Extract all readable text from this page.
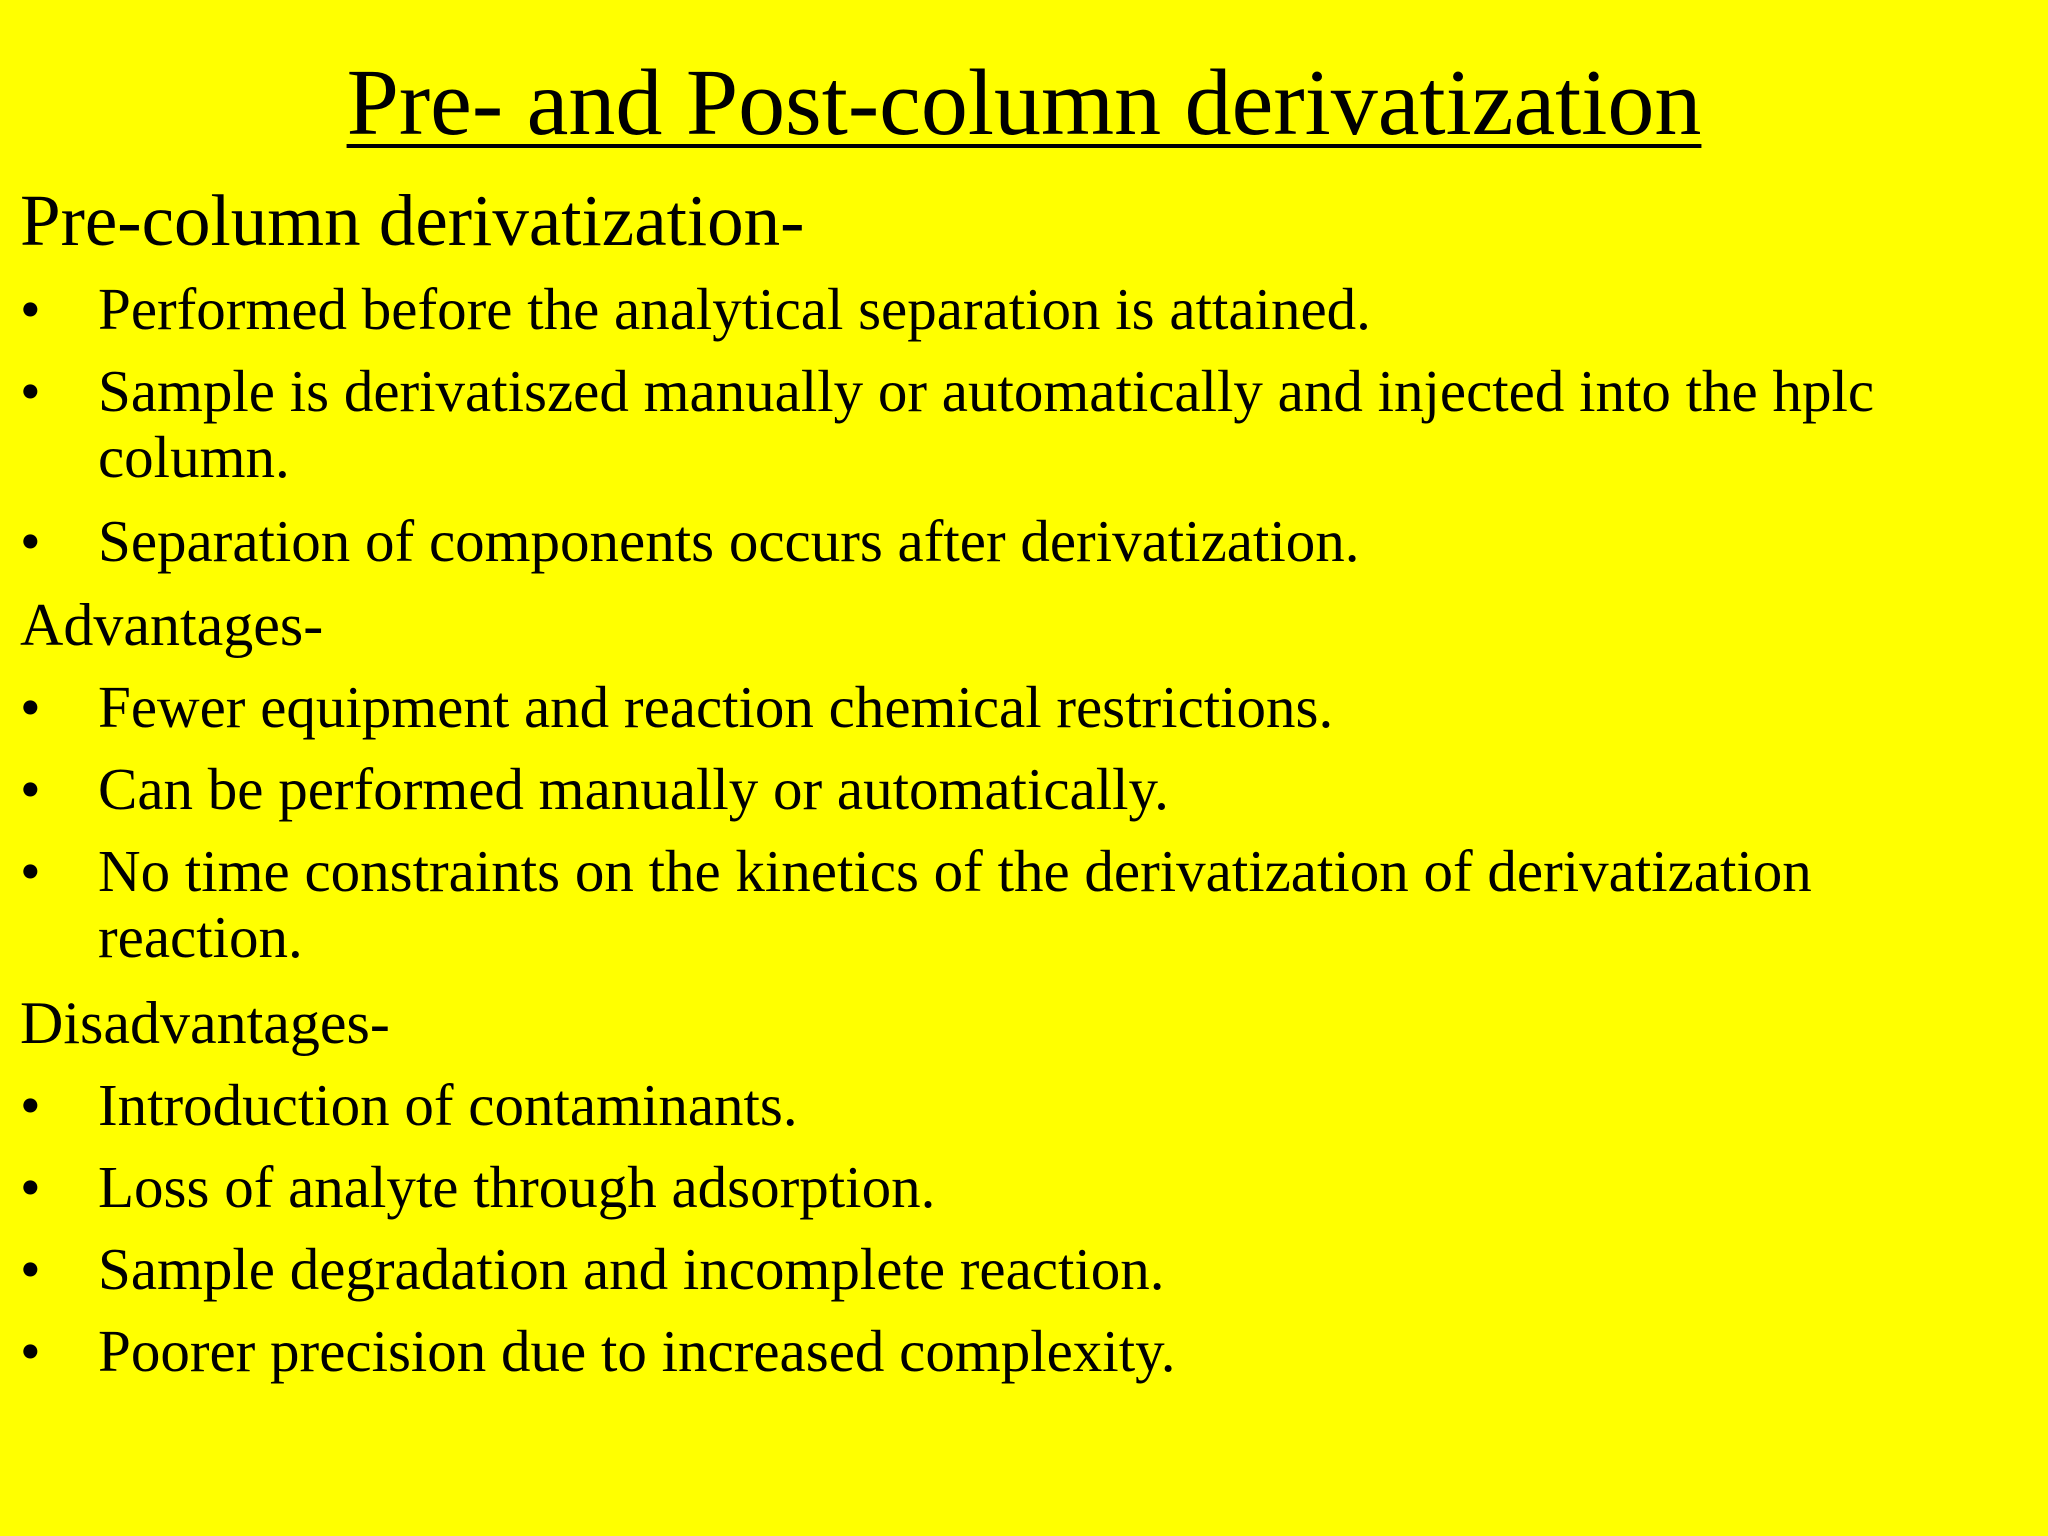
Pre- and Post-column derivatization
Pre-column derivatization-
• Performed before the analytical separation is attained.
• Sample is derivatiszed manually or automatically and injected into the hplc column.
• Separation of components occurs after derivatization.
Advantages-
• Fewer equipment and reaction chemical restrictions.
• Can be performed manually or automatically.
• No time constraints on the kinetics of the derivatization of derivatization reaction.
Disadvantages-
• Introduction of contaminants.
• Loss of analyte through adsorption.
• Sample degradation and incomplete reaction.
• Poorer precision due to increased complexity.
